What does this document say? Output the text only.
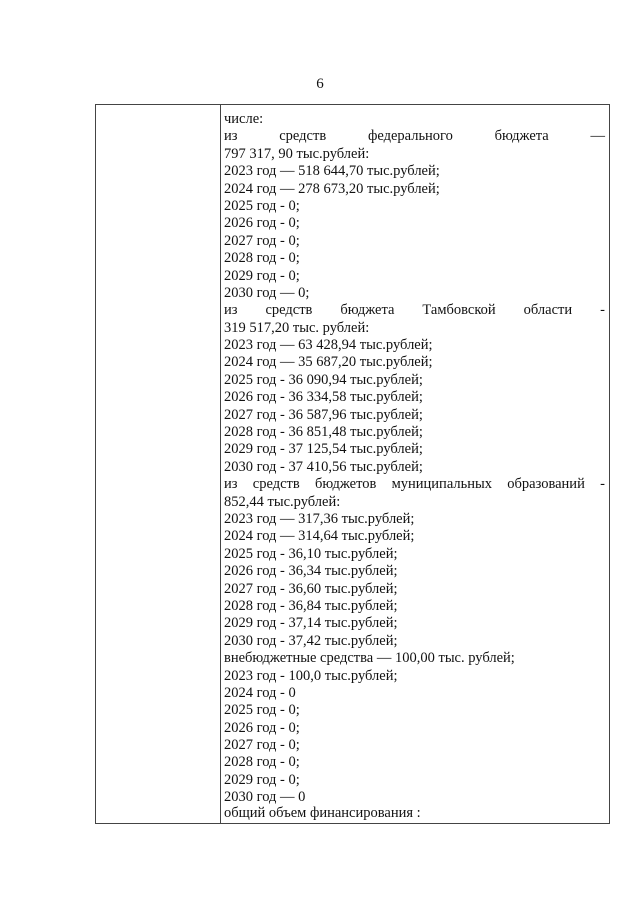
6
числе:
из	средств	федерального	бюджета	—
797 317, 90 тыс.рублей:
2023 год — 518 644,70 тыс.рублей;
2024 год — 278 673,20 тыс.рублей;
2025 год - 0;
2026 год - 0;
2027 год - 0;
2028 год - 0;
2029 год - 0;
2030 год — 0;
из средств бюджета Тамбовской области -
319 517,20 тыс. рублей:
2023 год — 63 428,94 тыс.рублей;
2024 год — 35 687,20 тыс.рублей;
2025 год - 36 090,94 тыс.рублей;
2026 год - 36 334,58 тыс.рублей;
2027 год - 36 587,96 тыс.рублей;
2028 год - 36 851,48 тыс.рублей;
2029 год - 37 125,54 тыс.рублей;
2030 год - 37 410,56 тыс.рублей;
из средств бюджетов муниципальных образований -
852,44 тыс.рублей:
2023 год — 317,36 тыс.рублей;
2024 год — 314,64 тыс.рублей;
2025 год - 36,10 тыс.рублей;
2026 год - 36,34 тыс.рублей;
2027 год - 36,60 тыс.рублей;
2028 год - 36,84 тыс.рублей;
2029 год - 37,14 тыс.рублей;
2030 год - 37,42 тыс.рублей;
внебюджетные средства — 100,00 тыс. рублей;
2023 год - 100,0 тыс.рублей;
2024 год - 0
2025 год - 0;
2026 год - 0;
2027 год - 0;
2028 год - 0;
2029 год - 0;
2030 год — 0
общий объем финансирования :
